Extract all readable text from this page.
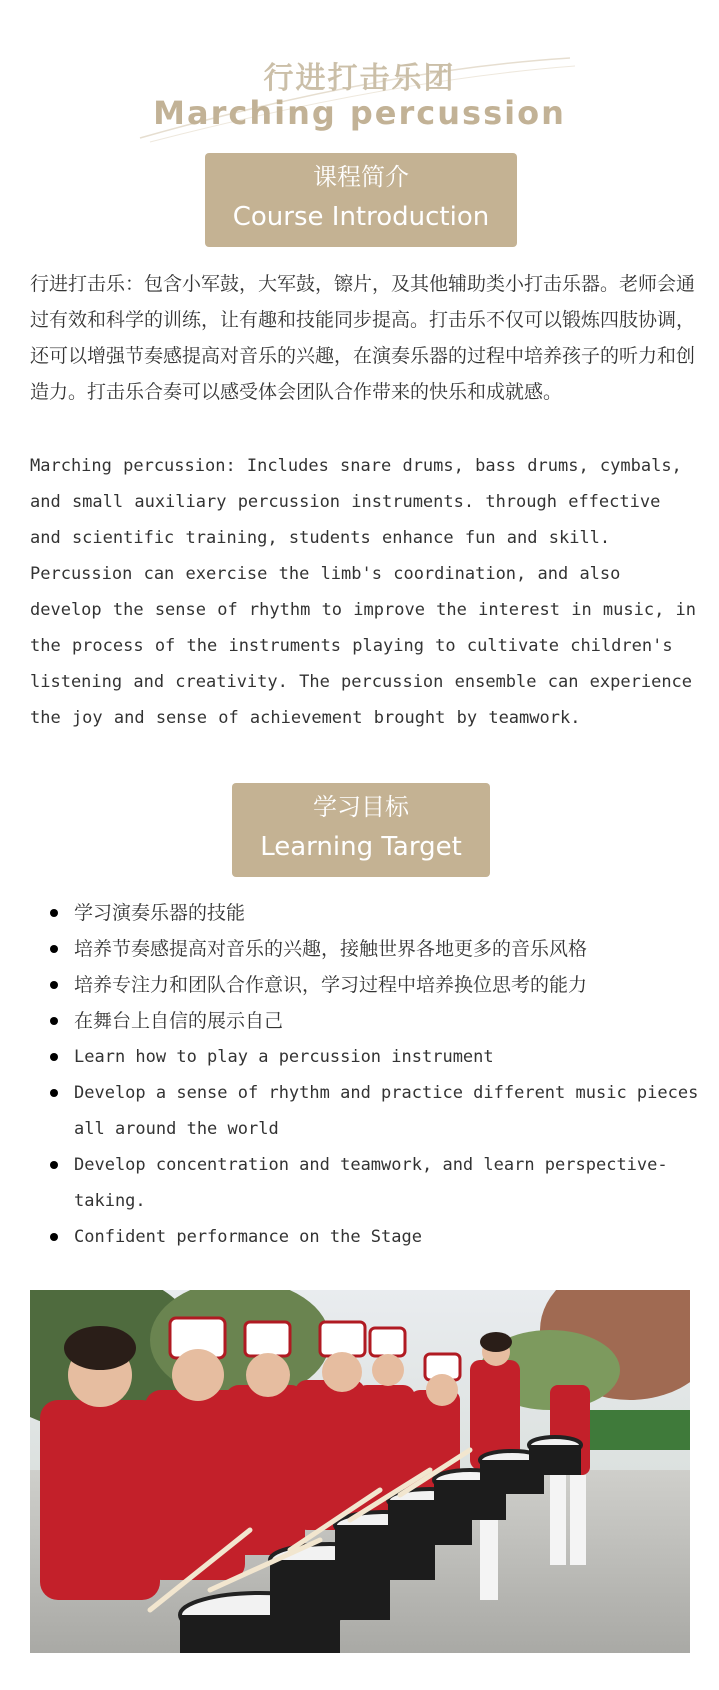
行进打击乐团
Marching percussion
课程简介
Course Introduction

行进打击乐：包含小军鼓，大军鼓，镲片，及其他辅助类小打击乐器。老师会通过有效和科学的训练，让有趣和技能同步提高。打击乐不仅可以锻炼四肢协调，还可以增强节奏感提高对音乐的兴趣，在演奏乐器的过程中培养孩子的听力和创造力。打击乐合奏可以感受体会团队合作带来的快乐和成就感。

Marching percussion: Includes snare drums, bass drums, cymbals, and small auxiliary percussion instruments. through effective and scientific training, students enhance fun and skill. Percussion can exercise the limb's coordination, and also develop the sense of rhythm to improve the interest in music, in the process of the instruments playing to cultivate children's listening and creativity. The percussion ensemble can experience the joy and sense of achievement brought by teamwork.

学习目标
Learning Target
学习演奏乐器的技能
培养节奏感提高对音乐的兴趣，接触世界各地更多的音乐风格
培养专注力和团队合作意识，学习过程中培养换位思考的能力
在舞台上自信的展示自己
Learn how to play a percussion instrument
Develop a sense of rhythm and practice different music pieces all around the world
Develop concentration and teamwork, and learn perspective-taking.
Confident performance on the Stage
